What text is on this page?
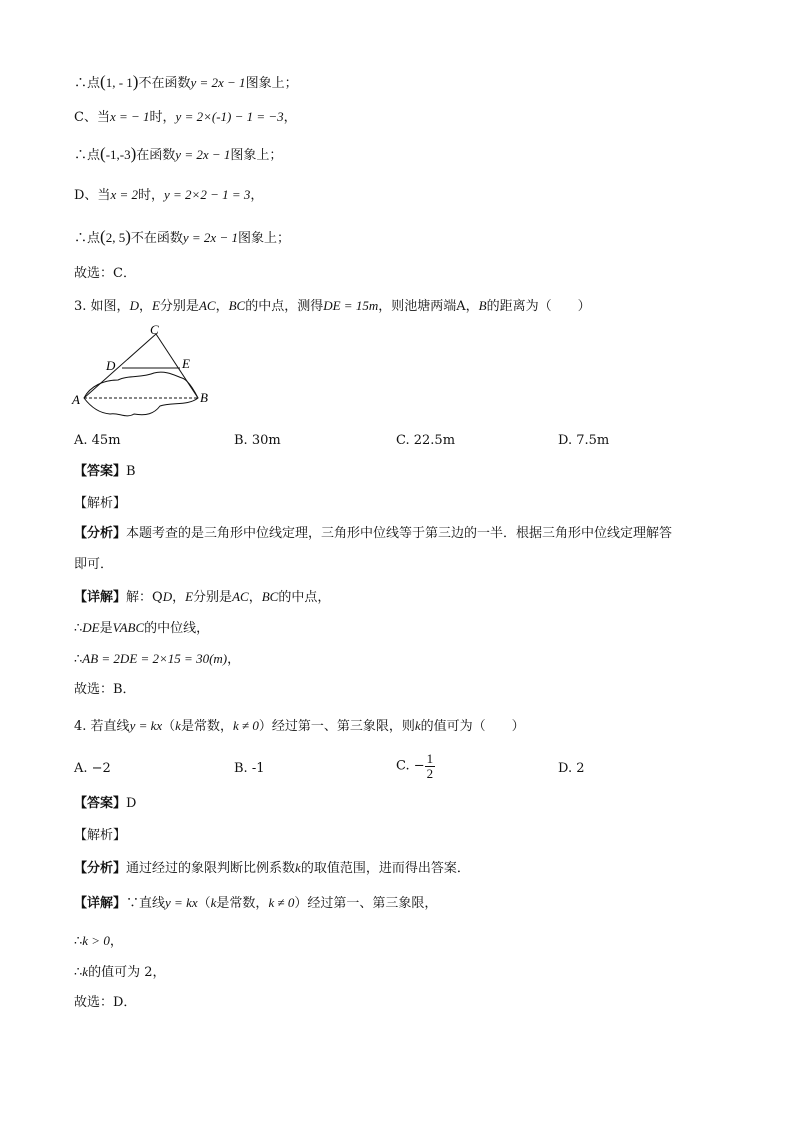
∴点(1, - 1)不在函数y = 2x − 1图象上；
C、当x = − 1时，y = 2×(-1) − 1 = −3，
∴点(-1,-3)在函数y = 2x − 1图象上；
D、当x = 2时，y = 2×2 − 1 = 3，
∴点(2, 5)不在函数y = 2x − 1图象上；
故选：C．
3. 如图，D，E分别是AC，BC的中点，测得DE = 15m，则池塘两端A，B的距离为（　　）
C
D	E
A	B
A. 45m	B. 30m	C. 22.5m	D. 7.5m
【答案】B
【解析】
【分析】本题考查的是三角形中位线定理，三角形中位线等于第三边的一半．根据三角形中位线定理解答
即可．
【详解】解：QD，E分别是AC，BC的中点，
∴DE是VABC的中位线，
∴AB = 2DE = 2×15 = 30(m)，
故选：B．
4. 若直线y = kx（k是常数，k ≠ 0）经过第一、第三象限，则k的值可为（　　）
A. −2	B. -1	C. − $\frac{1}{2}$	D. 2
【答案】D
【解析】
【分析】通过经过的象限判断比例系数k的取值范围，进而得出答案．
【详解】∵直线y = kx（k是常数，k ≠ 0）经过第一、第三象限，
∴k > 0，
∴k的值可为 2，
故选：D．
